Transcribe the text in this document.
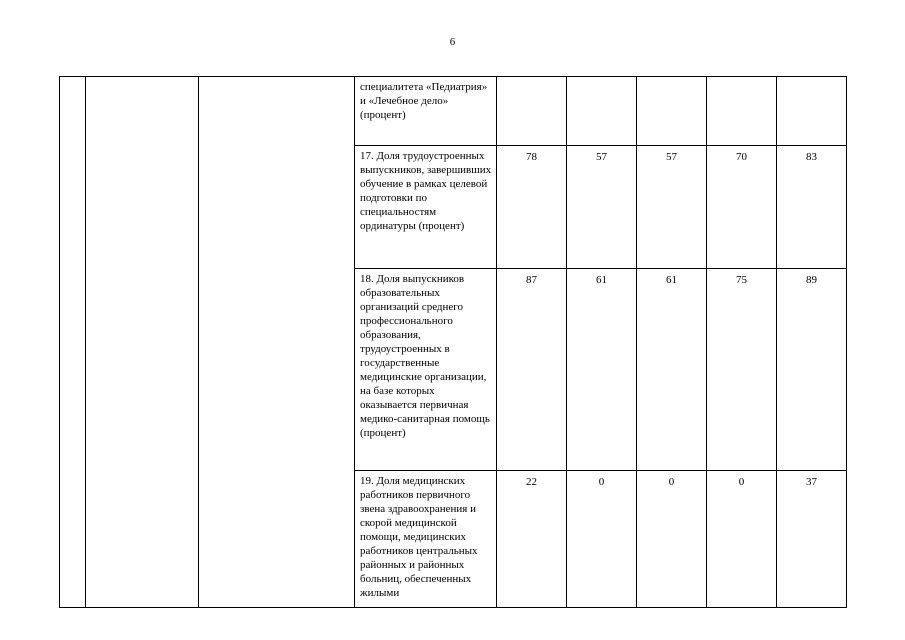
6
			специалитета «Педиатрия» и «Лечебное дело» (процент)					
			17. Доля трудоустроенных выпускников, завершивших обучение в рамках целевой подготовки по специальностям ординатуры (процент)	78	57	57	70	83
			18. Доля выпускников образовательных организаций среднего профессионального образования, трудоустроенных в государственные медицинские организации, на базе которых оказывается первичная медико-санитарная помощь (процент)	87	61	61	75	89
			19. Доля медицинских работников первичного звена здравоохранения и скорой медицинской помощи, медицинских работников центральных районных и районных больниц, обеспеченных жилыми	22	0	0	0	37
